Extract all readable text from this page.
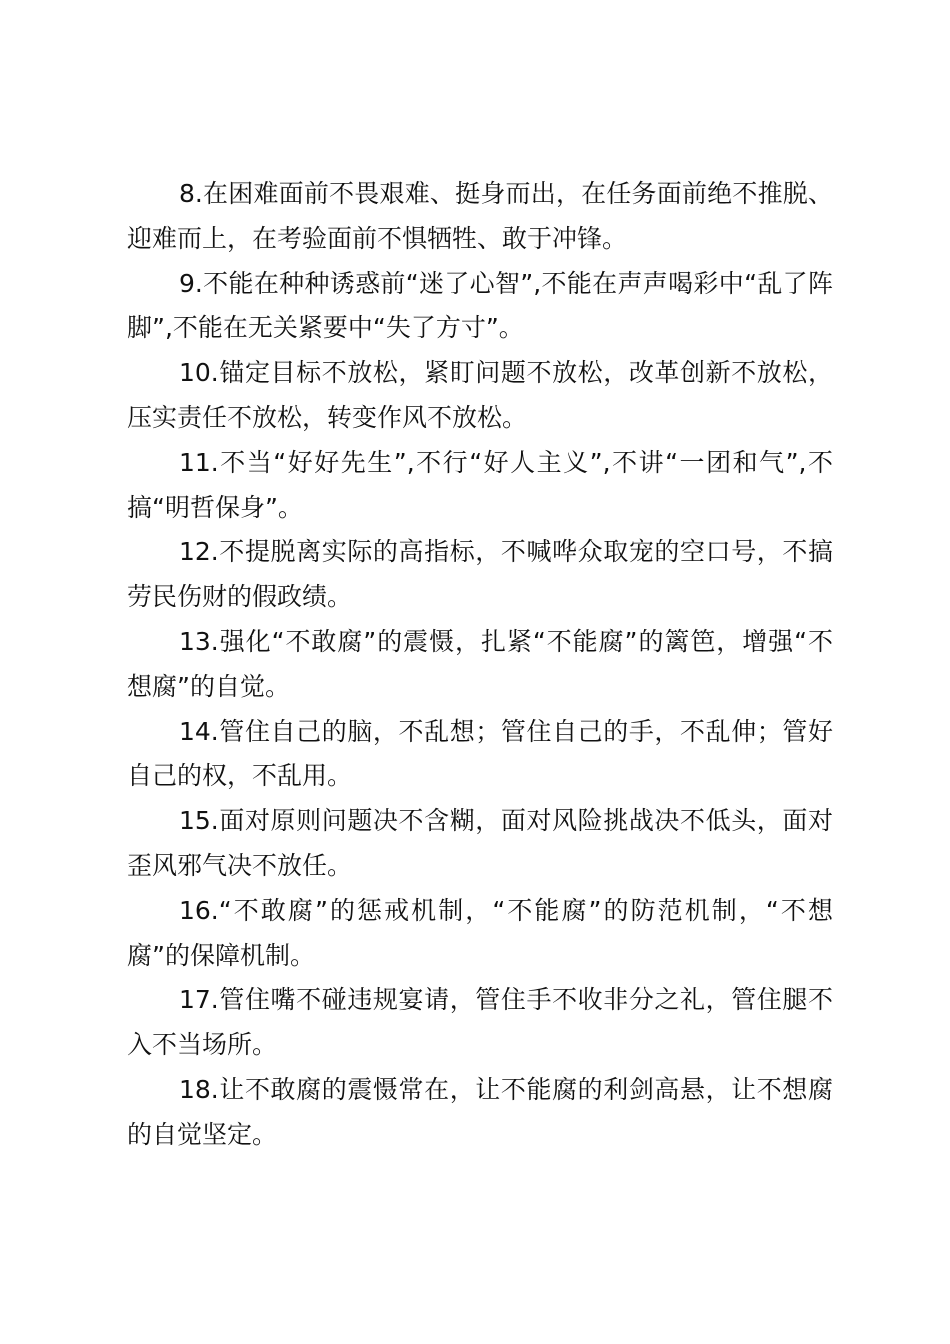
8.在困难面前不畏艰难、挺身而出，在任务面前绝不推脱、迎难而上，在考验面前不惧牺牲、敢于冲锋。

9.不能在种种诱惑前“迷了心智”,不能在声声喝彩中“乱了阵脚”,不能在无关紧要中“失了方寸”。

10.锚定目标不放松，紧盯问题不放松，改革创新不放松，压实责任不放松，转变作风不放松。

11.不当“好好先生”,不行“好人主义”,不讲“一团和气”,不搞“明哲保身”。

12.不提脱离实际的高指标，不喊哗众取宠的空口号，不搞劳民伤财的假政绩。

13.强化“不敢腐”的震慑，扎紧“不能腐”的篱笆，增强“不想腐”的自觉。

14.管住自己的脑，不乱想；管住自己的手，不乱伸；管好自己的权，不乱用。

15.面对原则问题决不含糊，面对风险挑战决不低头，面对歪风邪气决不放任。

16.“不敢腐”的惩戒机制，“不能腐”的防范机制，“不想腐”的保障机制。

17.管住嘴不碰违规宴请，管住手不收非分之礼，管住腿不入不当场所。

18.让不敢腐的震慑常在，让不能腐的利剑高悬，让不想腐的自觉坚定。
